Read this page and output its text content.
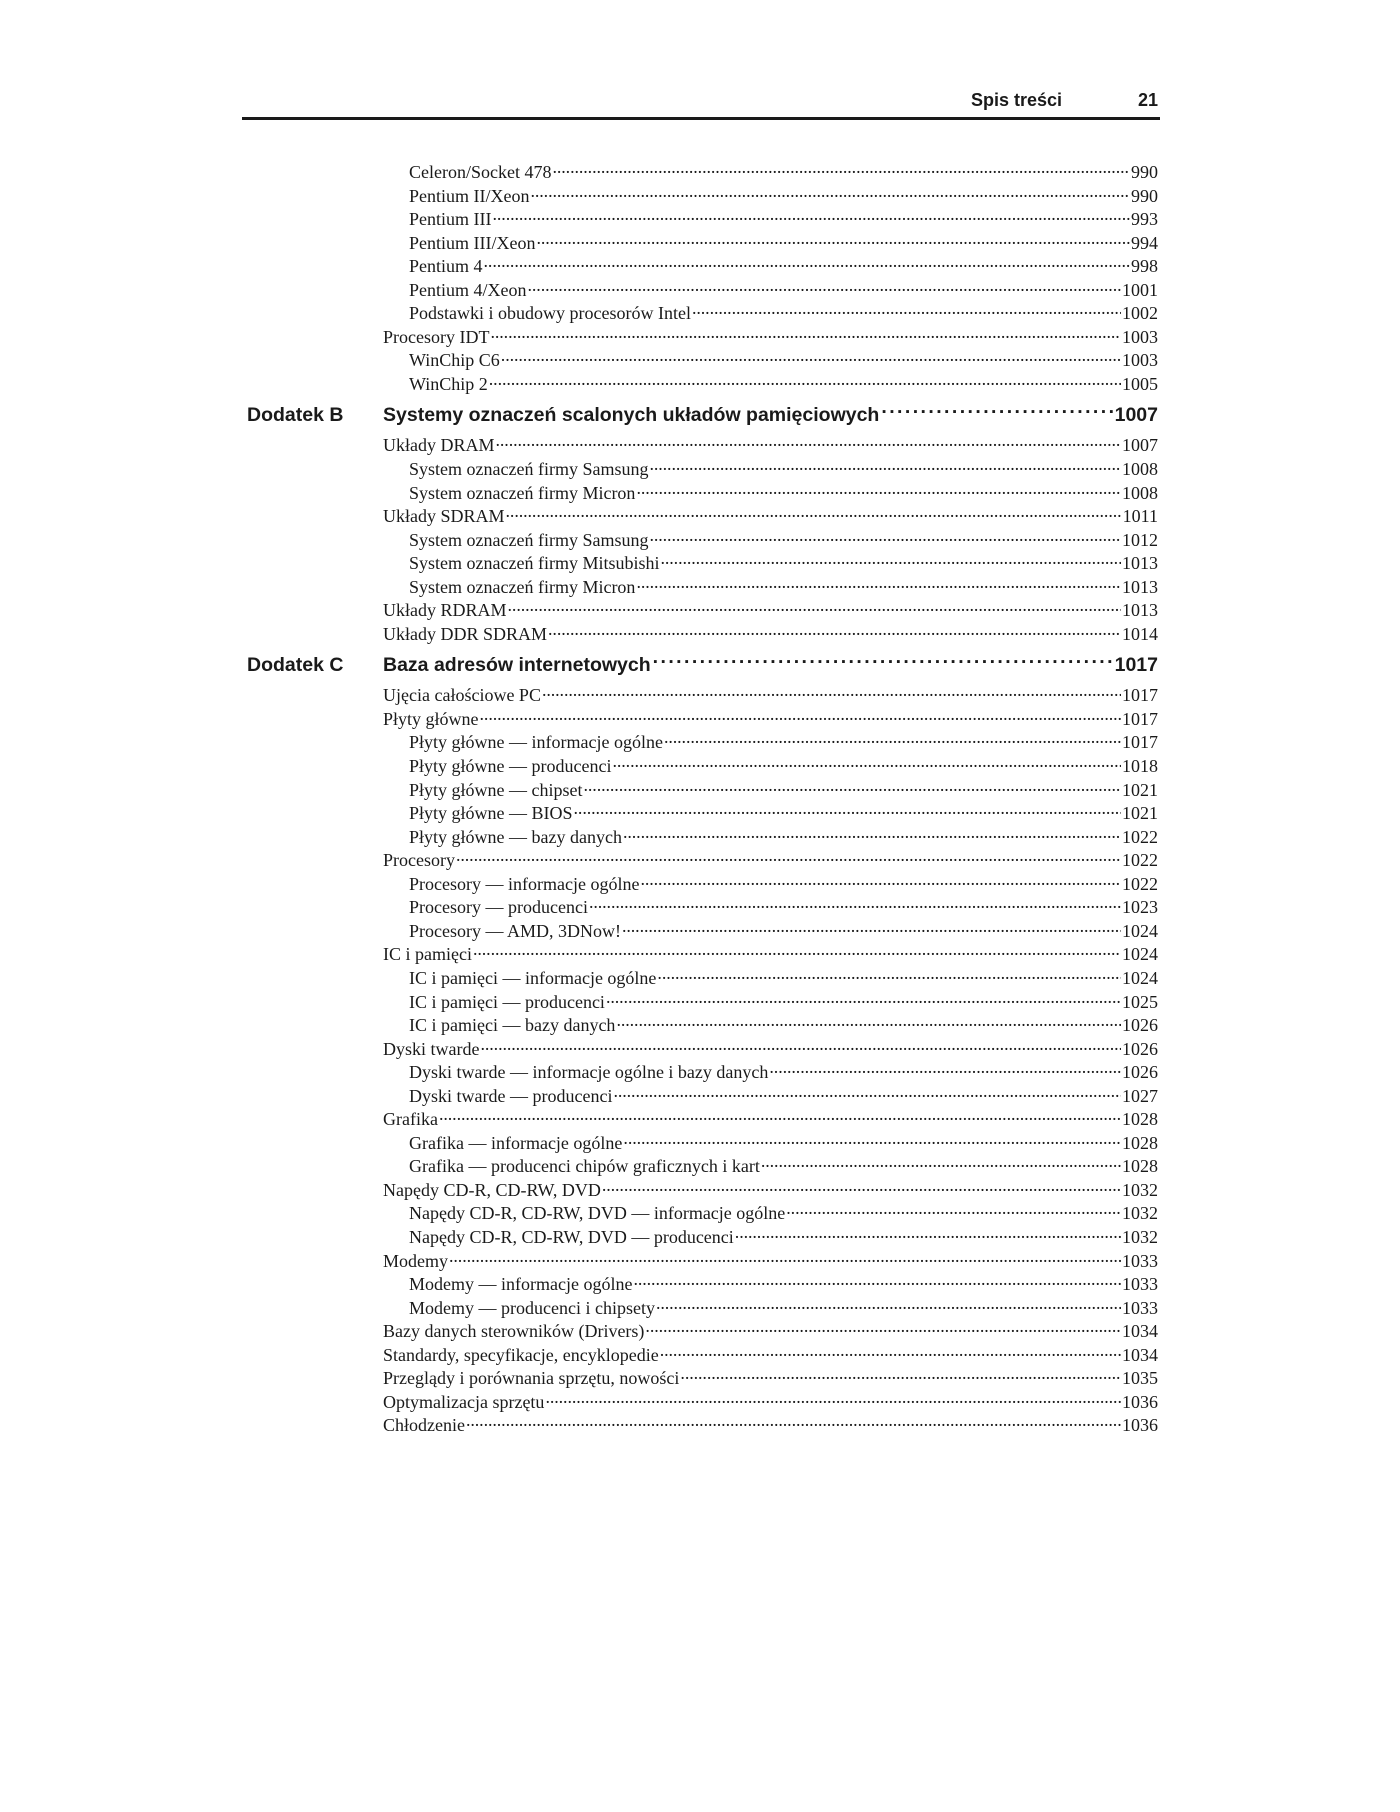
Spis treści	21
Celeron/Socket 478 . . .	990
Pentium II/Xeon . . .	990
Pentium III . . .	993
Pentium III/Xeon . . .	994
Pentium 4 . . .	998
Pentium 4/Xeon . . .	1001
Podstawki i obudowy procesorów Intel . . .	1002
Procesory IDT . . .	1003
WinChip C6 . . .	1003
WinChip 2 . . .	1005
Dodatek B Systemy oznaczeń scalonych układów pamięciowych . . .	1007
Układy DRAM . . .	1007
System oznaczeń firmy Samsung . . .	1008
System oznaczeń firmy Micron . . .	1008
Układy SDRAM . . .	1011
System oznaczeń firmy Samsung . . .	1012
System oznaczeń firmy Mitsubishi . . .	1013
System oznaczeń firmy Micron . . .	1013
Układy RDRAM . . .	1013
Układy DDR SDRAM . . .	1014
Dodatek C Baza adresów internetowych . . .	1017
Ujęcia całościowe PC . . .	1017
Płyty główne . . .	1017
Płyty główne — informacje ogólne . . .	1017
Płyty główne — producenci . . .	1018
Płyty główne — chipset . . .	1021
Płyty główne — BIOS . . .	1021
Płyty główne — bazy danych . . .	1022
Procesory . . .	1022
Procesory — informacje ogólne . . .	1022
Procesory — producenci . . .	1023
Procesory — AMD, 3DNow! . . .	1024
IC i pamięci . . .	1024
IC i pamięci — informacje ogólne . . .	1024
IC i pamięci — producenci . . .	1025
IC i pamięci — bazy danych . . .	1026
Dyski twarde . . .	1026
Dyski twarde — informacje ogólne i bazy danych . . .	1026
Dyski twarde — producenci . . .	1027
Grafika . . .	1028
Grafika — informacje ogólne . . .	1028
Grafika — producenci chipów graficznych i kart . . .	1028
Napędy CD-R, CD-RW, DVD . . .	1032
Napędy CD-R, CD-RW, DVD — informacje ogólne . . .	1032
Napędy CD-R, CD-RW, DVD — producenci . . .	1032
Modemy . . .	1033
Modemy — informacje ogólne . . .	1033
Modemy — producenci i chipsety . . .	1033
Bazy danych sterowników (Drivers) . . .	1034
Standardy, specyfikacje, encyklopedie . . .	1034
Przeglądy i porównania sprzętu, nowości . . .	1035
Optymalizacja sprzętu . . .	1036
Chłodzenie . . .	1036
